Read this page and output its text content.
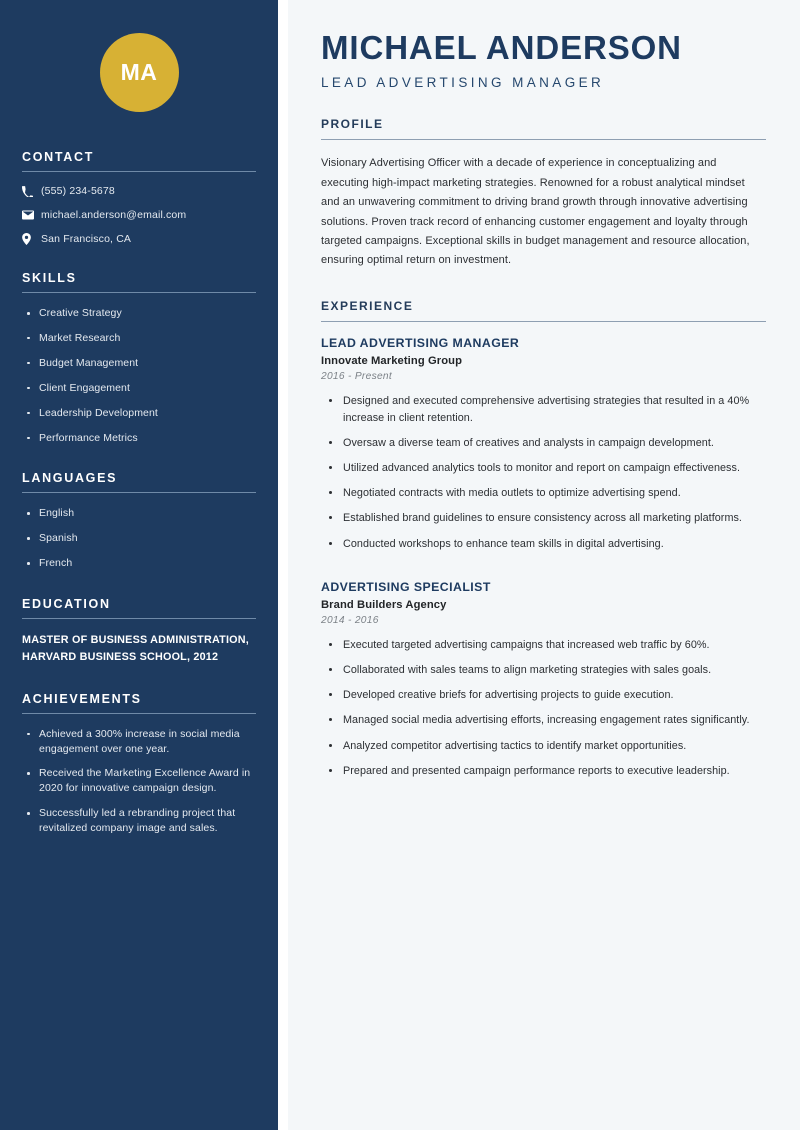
MA
CONTACT
(555) 234-5678
michael.anderson@email.com
San Francisco, CA
SKILLS
Creative Strategy
Market Research
Budget Management
Client Engagement
Leadership Development
Performance Metrics
LANGUAGES
English
Spanish
French
EDUCATION
MASTER OF BUSINESS ADMINISTRATION, HARVARD BUSINESS SCHOOL, 2012
ACHIEVEMENTS
Achieved a 300% increase in social media engagement over one year.
Received the Marketing Excellence Award in 2020 for innovative campaign design.
Successfully led a rebranding project that revitalized company image and sales.
MICHAEL ANDERSON
LEAD ADVERTISING MANAGER
PROFILE

Visionary Advertising Officer with a decade of experience in conceptualizing and executing high-impact marketing strategies. Renowned for a robust analytical mindset and an unwavering commitment to driving brand growth through innovative advertising solutions. Proven track record of enhancing customer engagement and loyalty through targeted campaigns. Exceptional skills in budget management and resource allocation, ensuring optimal return on investment.

EXPERIENCE
LEAD ADVERTISING MANAGER
Innovate Marketing Group
2016 - Present
Designed and executed comprehensive advertising strategies that resulted in a 40% increase in client retention.
Oversaw a diverse team of creatives and analysts in campaign development.
Utilized advanced analytics tools to monitor and report on campaign effectiveness.
Negotiated contracts with media outlets to optimize advertising spend.
Established brand guidelines to ensure consistency across all marketing platforms.
Conducted workshops to enhance team skills in digital advertising.
ADVERTISING SPECIALIST
Brand Builders Agency
2014 - 2016
Executed targeted advertising campaigns that increased web traffic by 60%.
Collaborated with sales teams to align marketing strategies with sales goals.
Developed creative briefs for advertising projects to guide execution.
Managed social media advertising efforts, increasing engagement rates significantly.
Analyzed competitor advertising tactics to identify market opportunities.
Prepared and presented campaign performance reports to executive leadership.
